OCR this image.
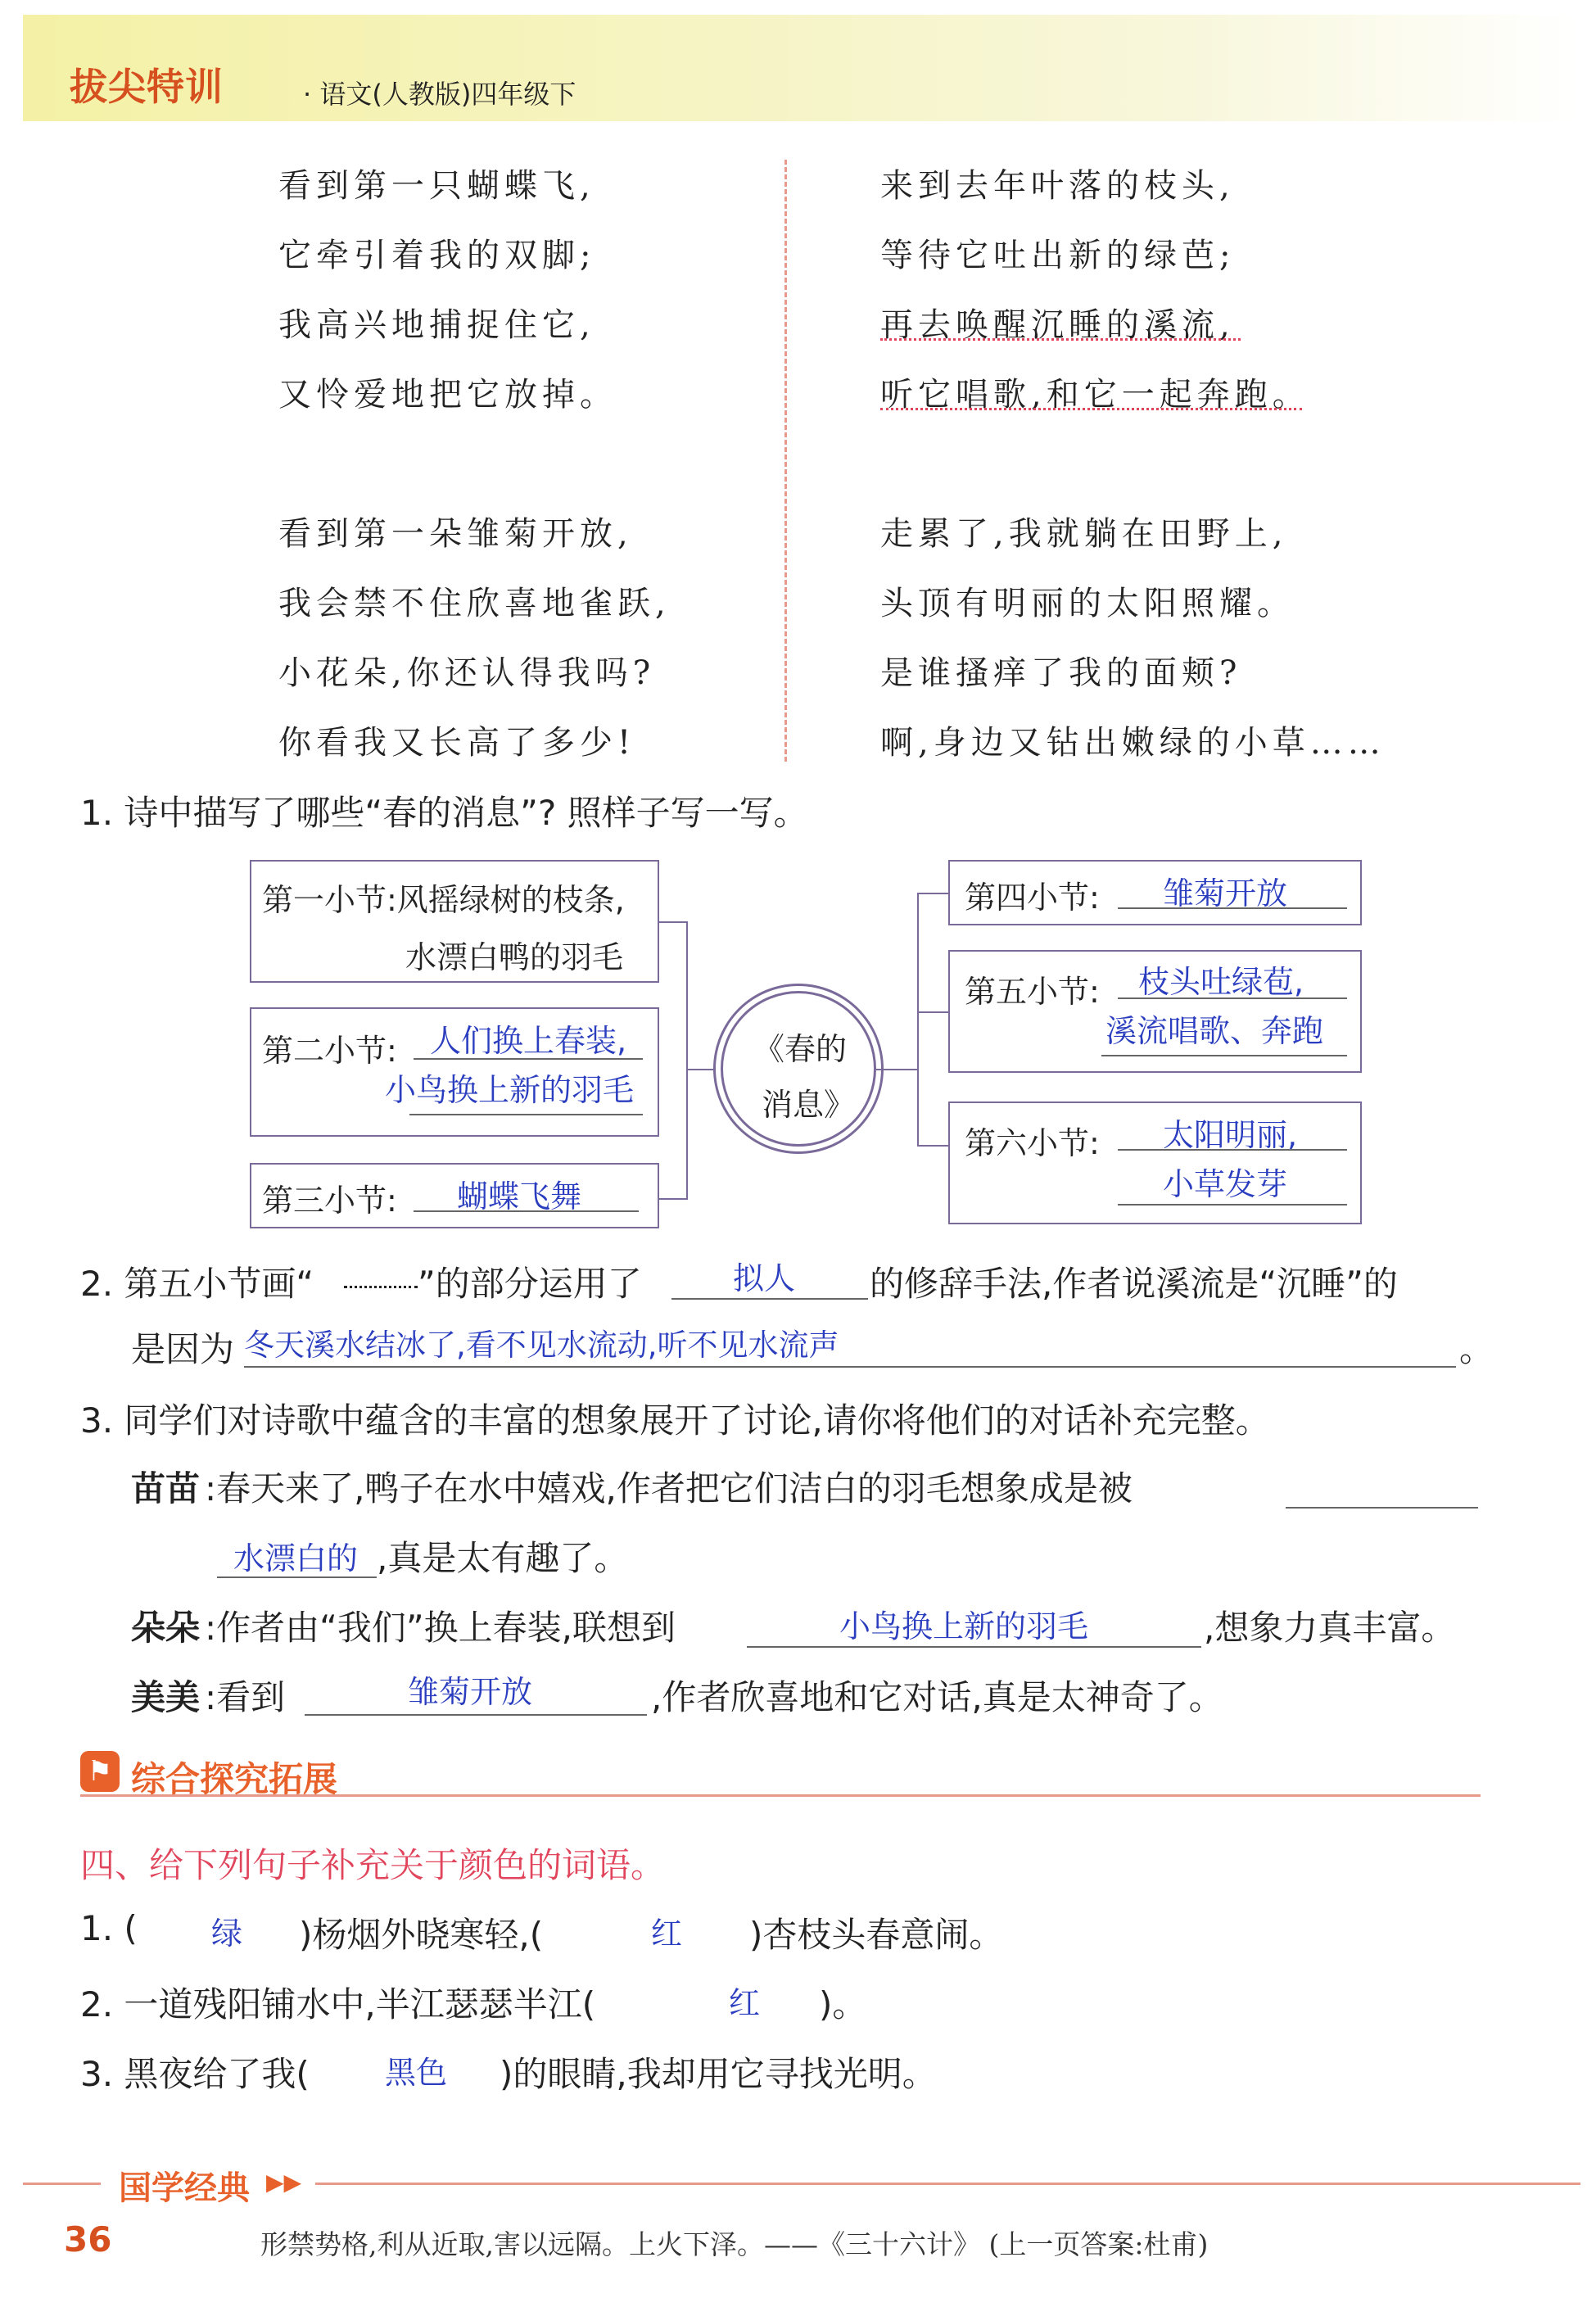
拔尖特训	· 语文(人教版)四年级下
看到第一只蝴蝶飞,
它牵引着我的双脚;
我高兴地捕捉住它,
又怜爱地把它放掉。
来到去年叶落的枝头,
等待它吐出新的绿芭;
再去唤醒沉睡的溪流,
听它唱歌,和它一起奔跑。
看到第一朵雏菊开放,
我会禁不住欣喜地雀跃,
小花朵,你还认得我吗?
你看我又长高了多少!
走累了,我就躺在田野上,
头顶有明丽的太阳照耀。
是谁搔痒了我的面颊?
啊,身边又钻出嫩绿的小草……
1. 诗中描写了哪些“春的消息”? 照样子写一写。
第一小节:风摇绿树的枝条,
水漂白鸭的羽毛
第二小节: 人们换上春装,
小鸟换上新的羽毛
第三小节: 蝴蝶飞舞
《春的
消息》
第四小节: 雏菊开放
第五小节: 枝头吐绿苞,
溪流唱歌、奔跑
第六小节: 太阳明丽,
小草发芽
2. 第五小节画“	”的部分运用了	拟人 的修辞手法,作者说溪流是“沉睡”的
是因为 冬天溪水结冰了,看不见水流动,听不见水流声	。
3. 同学们对诗歌中蕴含的丰富的想象展开了讨论,请你将他们的对话补充完整。
苗苗 :春天来了,鸭子在水中嬉戏,作者把它们洁白的羽毛想象成是被
水漂白的 ,真是太有趣了。
朵朵 :作者由“我们”换上春装,联想到	小鸟换上新的羽毛	,想象力真丰富。
美美 :看到	雏菊开放	,作者欣喜地和它对话,真是太神奇了。
⚑ 综合探究拓展
四、给下列句子补充关于颜色的词语。
1. ( 绿 )杨烟外晓寒轻,(	红 )杏枝头春意闹。
2. 一道残阳铺水中,半江瑟瑟半江(	红 )。
3. 黑夜给了我( 黑色 )的眼睛,我却用它寻找光明。
国学经典 ▶▶
36	形禁势格,利从近取,害以远隔。上火下泽。——《三十六计》 (上一页答案:杜甫)
